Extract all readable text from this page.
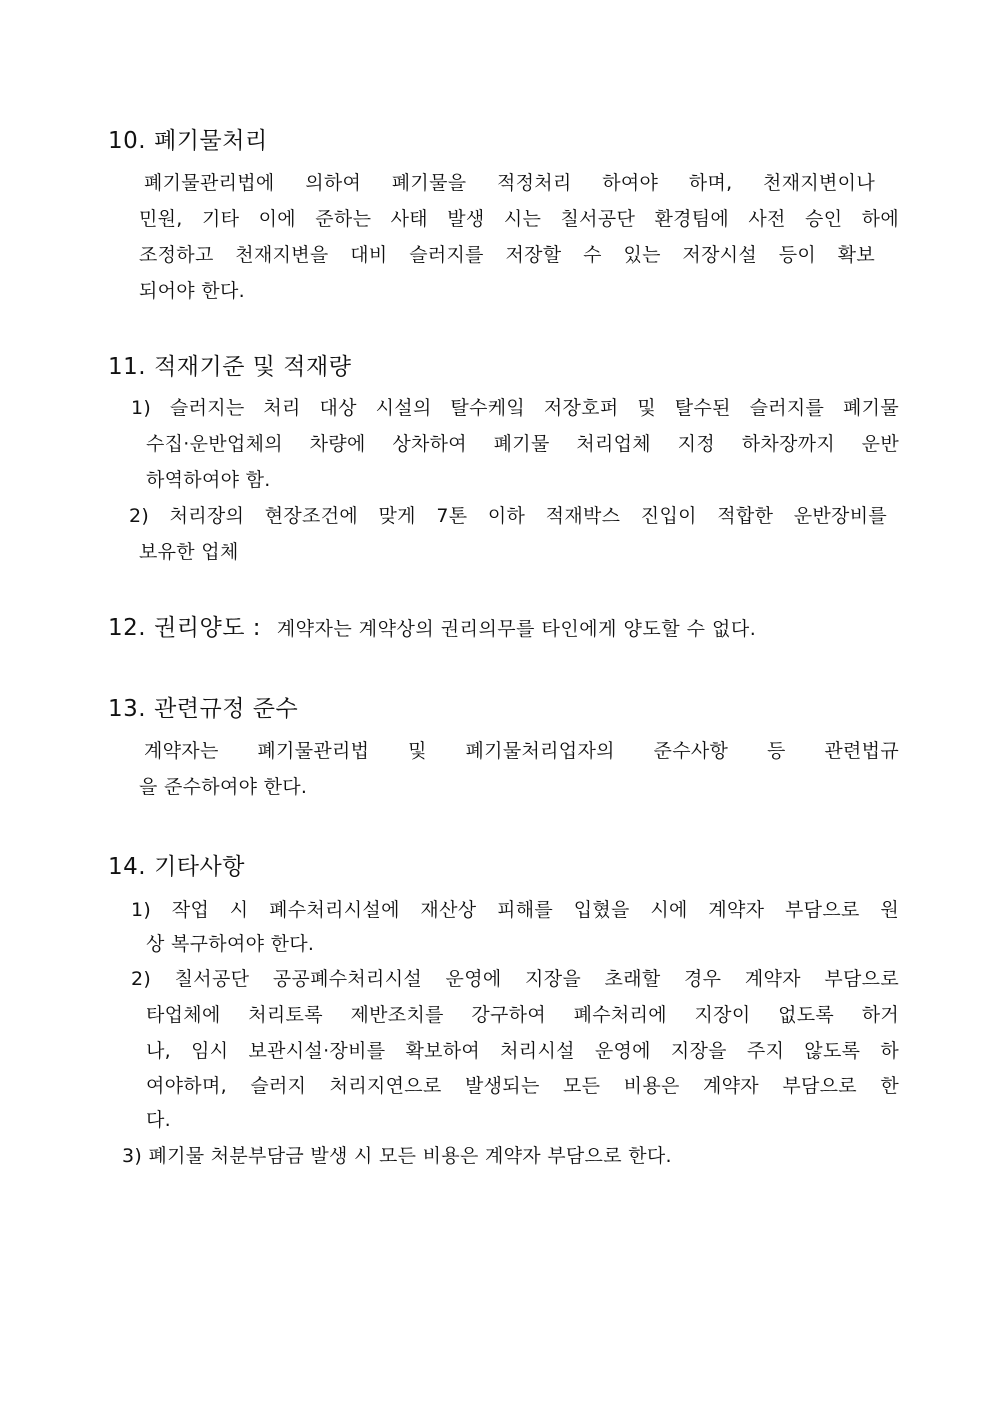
10. 폐기물처리
폐기물관리법에 의하여 폐기물을 적정처리 하여야 하며, 천재지변이나
민원, 기타 이에 준하는 사태 발생 시는 칠서공단 환경팀에 사전 승인 하에
조정하고 천재지변을 대비 슬러지를 저장할 수 있는 저장시설 등이 확보
되어야 한다.
11. 적재기준 및 적재량
1) 슬러지는 처리 대상 시설의 탈수케잌 저장호퍼 및 탈수된 슬러지를 폐기물
수집·운반업체의 차량에 상차하여 폐기물 처리업체 지정 하차장까지 운반
하역하여야 함.
2) 처리장의 현장조건에 맞게 7톤 이하 적재박스 진입이 적합한 운반장비를
보유한 업체
12. 권리양도 : 계약자는 계약상의 권리의무를 타인에게 양도할 수 없다.
13. 관련규정 준수
계약자는 폐기물관리법 및 폐기물처리업자의 준수사항 등 관련법규
을 준수하여야 한다.
14. 기타사항
1) 작업 시 폐수처리시설에 재산상 피해를 입혔을 시에 계약자 부담으로 원
상 복구하여야 한다.
2) 칠서공단 공공폐수처리시설 운영에 지장을 초래할 경우 계약자 부담으로
타업체에 처리토록 제반조치를 강구하여 폐수처리에 지장이 없도록 하거
나, 임시 보관시설·장비를 확보하여 처리시설 운영에 지장을 주지 않도록 하
여야하며, 슬러지 처리지연으로 발생되는 모든 비용은 계약자 부담으로 한
다.
3) 폐기물 처분부담금 발생 시 모든 비용은 계약자 부담으로 한다.
